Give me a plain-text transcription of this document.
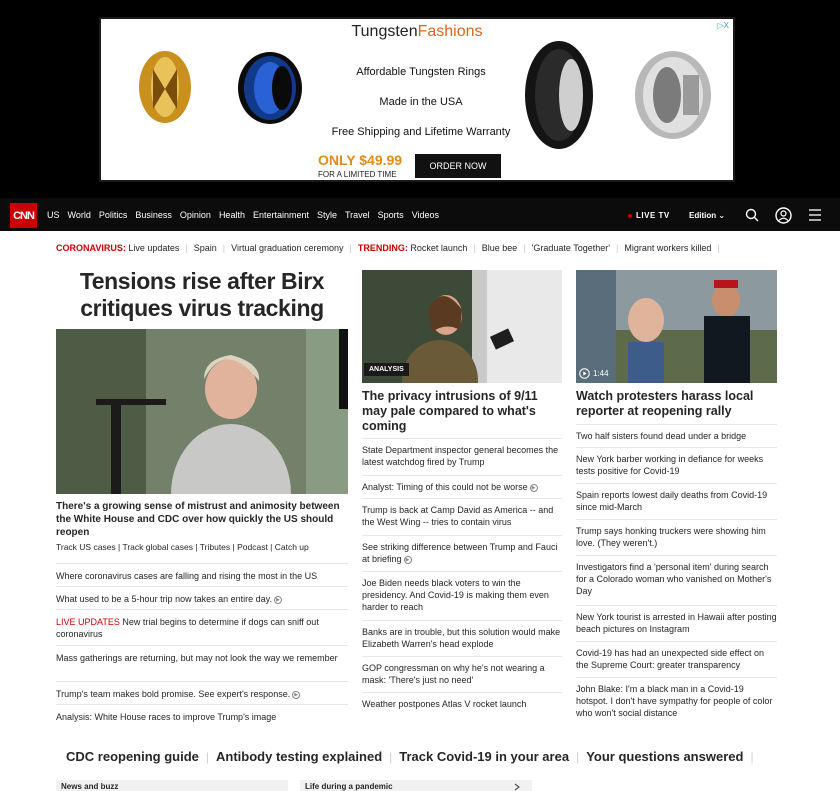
TungstenFashions	▷X
Affordable Tungsten Rings
Made in the USA
Free Shipping and Lifetime Warranty
ONLY $49.99
FOR A LIMITED TIME
ORDER NOW
CNN	US World Politics Business Opinion Health Entertainment Style Travel Sports Videos	LIVE TV Edition ⌄
CORONAVIRUS:
Live updates | Spain | Virtual graduation ceremony | TRENDING:
Rocket launch | Blue bee | 'Graduate Together' | Migrant workers killed |
Tensions rise after Birx critiques virus tracking
There's a growing sense of mistrust and animosity between the White House and CDC over how quickly the US should reopen
Track US cases | Track global cases | Tributes | Podcast | Catch up
Where coronavirus cases are falling and rising the most in the US
What used to be a 5-hour trip now takes an entire day. ▶
LIVE UPDATES New trial begins to determine if dogs can sniff out coronavirus
Mass gatherings are returning, but may not look the way we remember
Trump's team makes bold promise. See expert's response. ▶
Analysis: White House races to improve Trump's image
ANALYSIS
The privacy intrusions of 9/11 may pale compared to what's coming
State Department inspector general becomes the latest watchdog fired by Trump
Analyst: Timing of this could not be worse ▶
Trump is back at Camp David as America -- and the West Wing -- tries to contain virus
See striking difference between Trump and Fauci at briefing ▶
Joe Biden needs black voters to win the presidency. And Covid-19 is making them even harder to reach
Banks are in trouble, but this solution would make Elizabeth Warren's head explode
GOP congressman on why he's not wearing a mask: 'There's just no need'
Weather postpones Atlas V rocket launch
1:44
Watch protesters harass local reporter at reopening rally
Two half sisters found dead under a bridge
New York barber working in defiance for weeks tests positive for Covid-19
Spain reports lowest daily deaths from Covid-19 since mid-March
Trump says honking truckers were showing him love. (They weren't.)
Investigators find a 'personal item' during search for a Colorado woman who vanished on Mother's Day
New York tourist is arrested in Hawaii after posting beach pictures on Instagram
Covid-19 has had an unexpected side effect on the Supreme Court: greater transparency
John Blake: I'm a black man in a Covid-19 hotspot. I don't have sympathy for people of color who won't social distance
CDC reopening guide | Antibody testing explained | Track Covid-19 in your area | Your questions answered |
News and buzz	Life during a pandemic
